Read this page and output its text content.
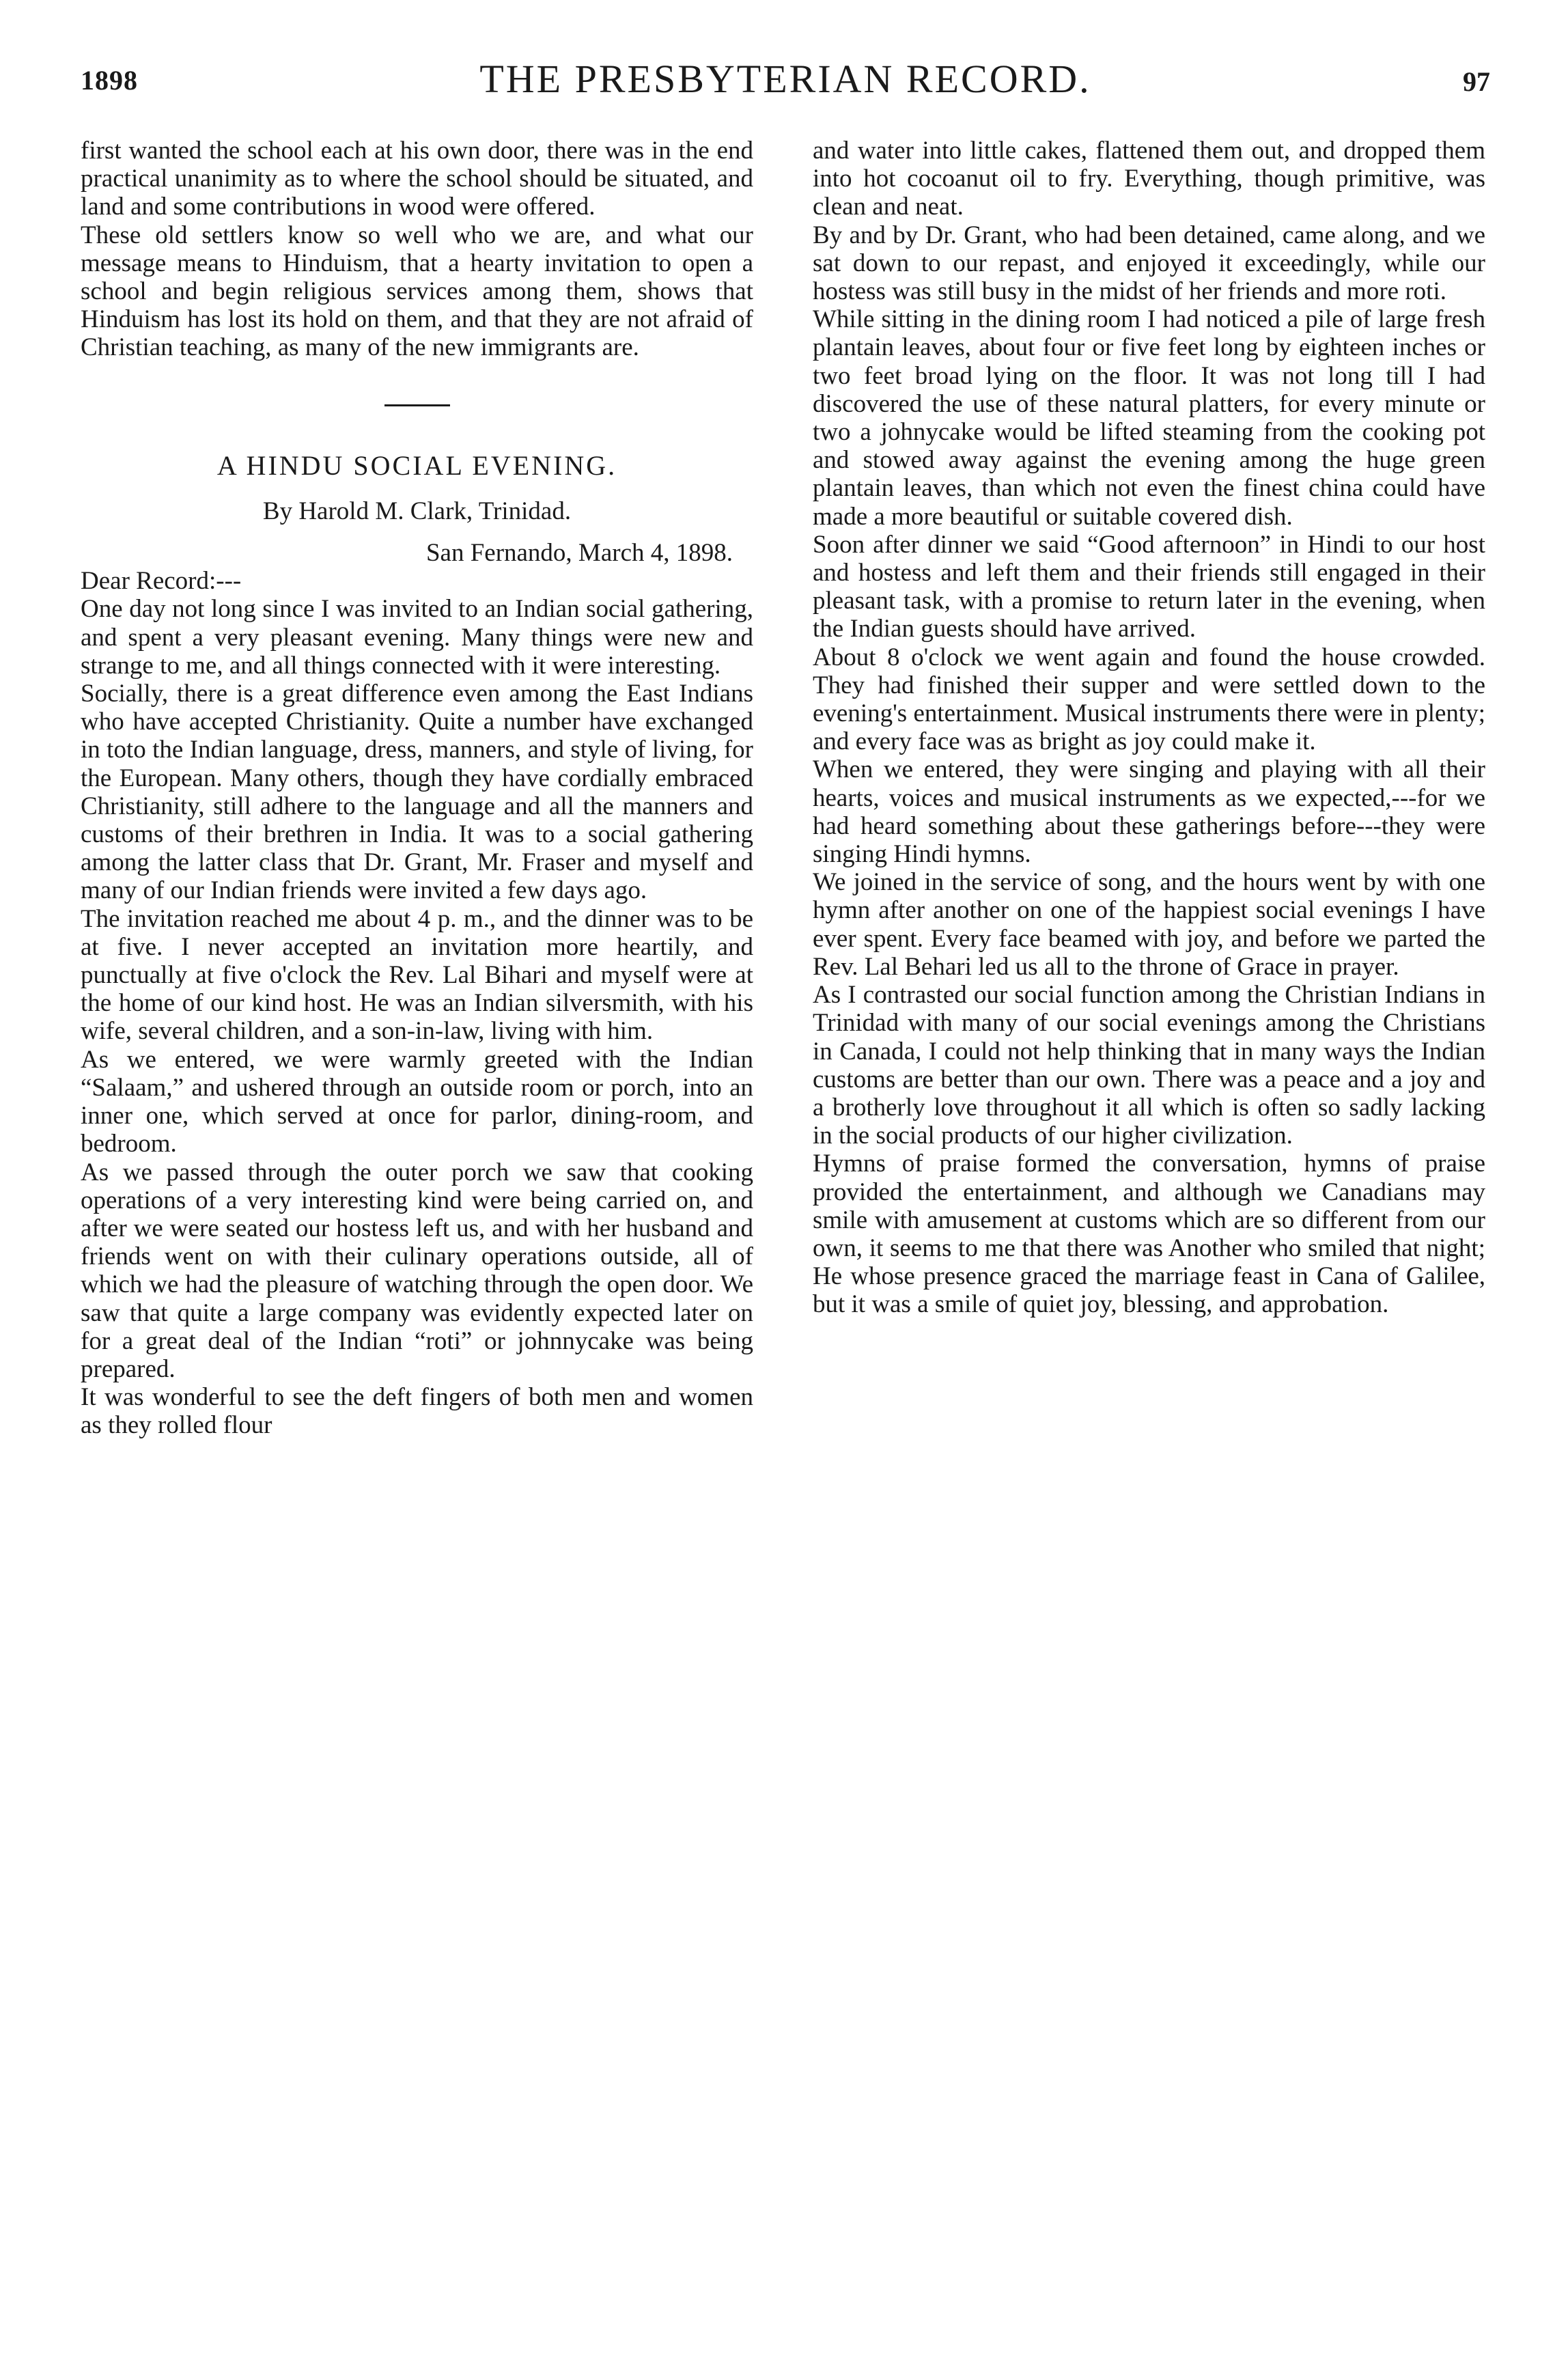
1898	THE PRESBYTERIAN RECORD.	97

first wanted the school each at his own door, there was in the end practical unanimity as to where the school should be situated, and land and some contributions in wood were offered.

These old settlers know so well who we are, and what our message means to Hinduism, that a hearty invitation to open a school and begin religious services among them, shows that Hinduism has lost its hold on them, and that they are not afraid of Christian teaching, as many of the new immigrants are.

A HINDU SOCIAL EVENING.
By Harold M. Clark, Trinidad.
San Fernando, March 4, 1898.
Dear Record:---

One day not long since I was invited to an Indian social gathering, and spent a very pleasant evening. Many things were new and strange to me, and all things connected with it were interesting.

Socially, there is a great difference even among the East Indians who have accepted Christianity. Quite a number have exchanged in toto the Indian language, dress, manners, and style of living, for the European. Many others, though they have cordially embraced Christianity, still adhere to the language and all the manners and customs of their brethren in India. It was to a social gathering among the latter class that Dr. Grant, Mr. Fraser and myself and many of our Indian friends were invited a few days ago.

The invitation reached me about 4 p. m., and the dinner was to be at five. I never accepted an invitation more heartily, and punctually at five o'clock the Rev. Lal Bihari and myself were at the home of our kind host. He was an Indian silversmith, with his wife, several children, and a son-in-law, living with him.

As we entered, we were warmly greeted with the Indian “Salaam,” and ushered through an outside room or porch, into an inner one, which served at once for parlor, dining-room, and bedroom.

As we passed through the outer porch we saw that cooking operations of a very interesting kind were being carried on, and after we were seated our hostess left us, and with her husband and friends went on with their culinary operations outside, all of which we had the pleasure of watching through the open door. We saw that quite a large company was evidently expected later on for a great deal of the Indian “roti” or johnnycake was being prepared.

It was wonderful to see the deft fingers of both men and women as they rolled flour

and water into little cakes, flattened them out, and dropped them into hot cocoanut oil to fry. Everything, though primitive, was clean and neat.

By and by Dr. Grant, who had been detained, came along, and we sat down to our repast, and enjoyed it exceedingly, while our hostess was still busy in the midst of her friends and more roti.

While sitting in the dining room I had noticed a pile of large fresh plantain leaves, about four or five feet long by eighteen inches or two feet broad lying on the floor. It was not long till I had discovered the use of these natural platters, for every minute or two a johnycake would be lifted steaming from the cooking pot and stowed away against the evening among the huge green plantain leaves, than which not even the finest china could have made a more beautiful or suitable covered dish.

Soon after dinner we said “Good afternoon” in Hindi to our host and hostess and left them and their friends still engaged in their pleasant task, with a promise to return later in the evening, when the Indian guests should have arrived.

About 8 o'clock we went again and found the house crowded. They had finished their supper and were settled down to the evening's entertainment. Musical instruments there were in plenty; and every face was as bright as joy could make it.

When we entered, they were singing and playing with all their hearts, voices and musical instruments as we expected,---for we had heard something about these gatherings before---they were singing Hindi hymns.

We joined in the service of song, and the hours went by with one hymn after another on one of the happiest social evenings I have ever spent. Every face beamed with joy, and before we parted the Rev. Lal Behari led us all to the throne of Grace in prayer.

As I contrasted our social function among the Christian Indians in Trinidad with many of our social evenings among the Christians in Canada, I could not help thinking that in many ways the Indian customs are better than our own. There was a peace and a joy and a brotherly love throughout it all which is often so sadly lacking in the social products of our higher civilization.

Hymns of praise formed the conversation, hymns of praise provided the entertainment, and although we Canadians may smile with amusement at customs which are so different from our own, it seems to me that there was Another who smiled that night; He whose presence graced the marriage feast in Cana of Galilee, but it was a smile of quiet joy, blessing, and approbation.
